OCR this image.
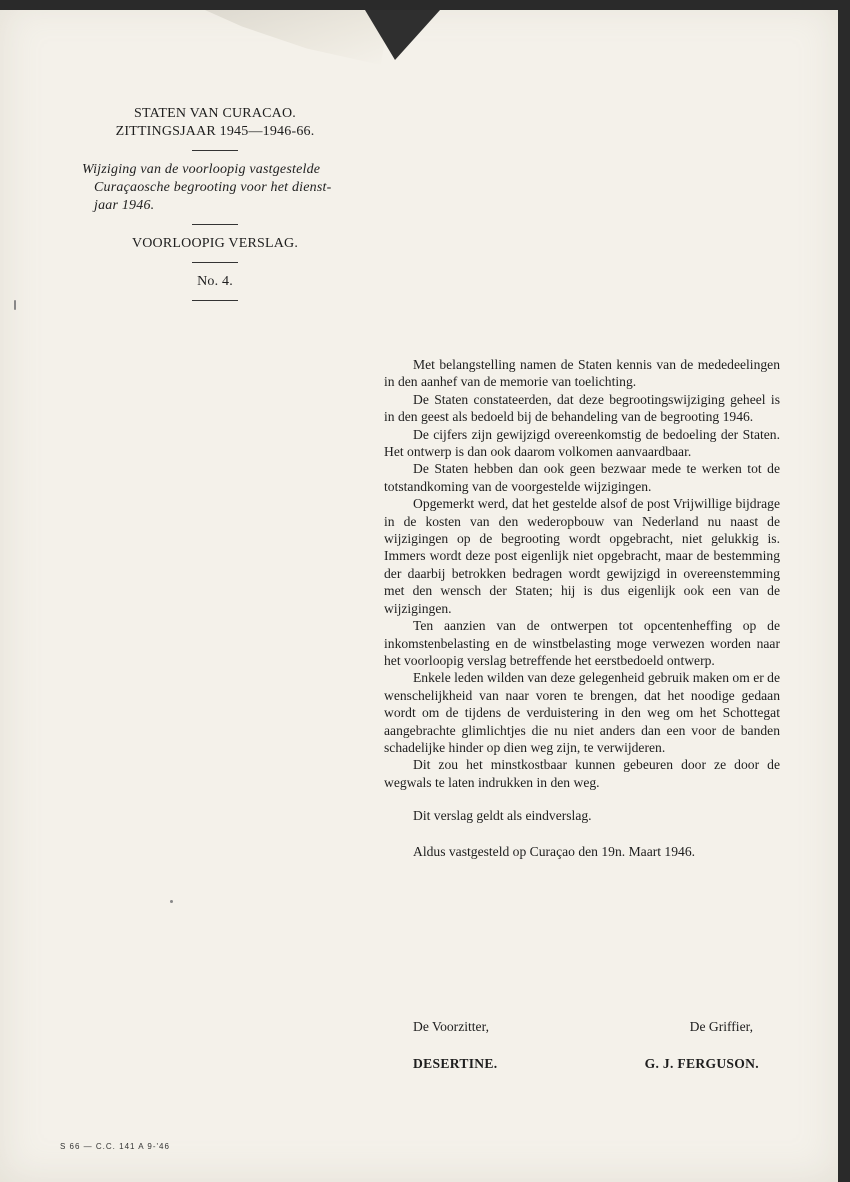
STATEN VAN CURACAO.
ZITTINGSJAAR 1945—1946-66.
Wijziging van de voorloopig vastgestelde
Curaçaosche begrooting voor het dienst-
jaar 1946.
VOORLOOPIG VERSLAG.
No. 4.

Met belangstelling namen de Staten kennis van de mededeelingen in den aanhef van de memorie van toelichting.

De Staten constateerden, dat deze begrootingswijziging geheel is in den geest als bedoeld bij de behandeling van de begrooting 1946.

De cijfers zijn gewijzigd overeenkomstig de bedoeling der Staten. Het ontwerp is dan ook daarom volkomen aanvaardbaar.

De Staten hebben dan ook geen bezwaar mede te werken tot de totstandkoming van de voorgestelde wijzigingen.

Opgemerkt werd, dat het gestelde alsof de post Vrijwillige bijdrage in de kosten van den wederopbouw van Nederland nu naast de wijzigingen op de begrooting wordt opgebracht, niet gelukkig is. Immers wordt deze post eigenlijk niet opgebracht, maar de bestemming der daarbij betrokken bedragen wordt gewijzigd in overeenstemming met den wensch der Staten; hij is dus eigenlijk ook een van de wijzigingen.

Ten aanzien van de ontwerpen tot opcentenheffing op de inkomstenbelasting en de winstbelasting moge verwezen worden naar het voorloopig verslag betreffende het eerstbedoeld ontwerp.

Enkele leden wilden van deze gelegenheid gebruik maken om er de wenschelijkheid van naar voren te brengen, dat het noodige gedaan wordt om de tijdens de verduistering in den weg om het Schottegat aangebrachte glimlichtjes die nu niet anders dan een voor de banden schadelijke hinder op dien weg zijn, te verwijderen.

Dit zou het minstkostbaar kunnen gebeuren door ze door de wegwals te laten indrukken in den weg.

Dit verslag geldt als eindverslag.
Aldus vastgesteld op Curaçao den 19n. Maart 1946.
De Voorzitter,	De Griffier,
DESERTINE.	G. J. FERGUSON.
S 66 — C.C. 141 A 9-'46
